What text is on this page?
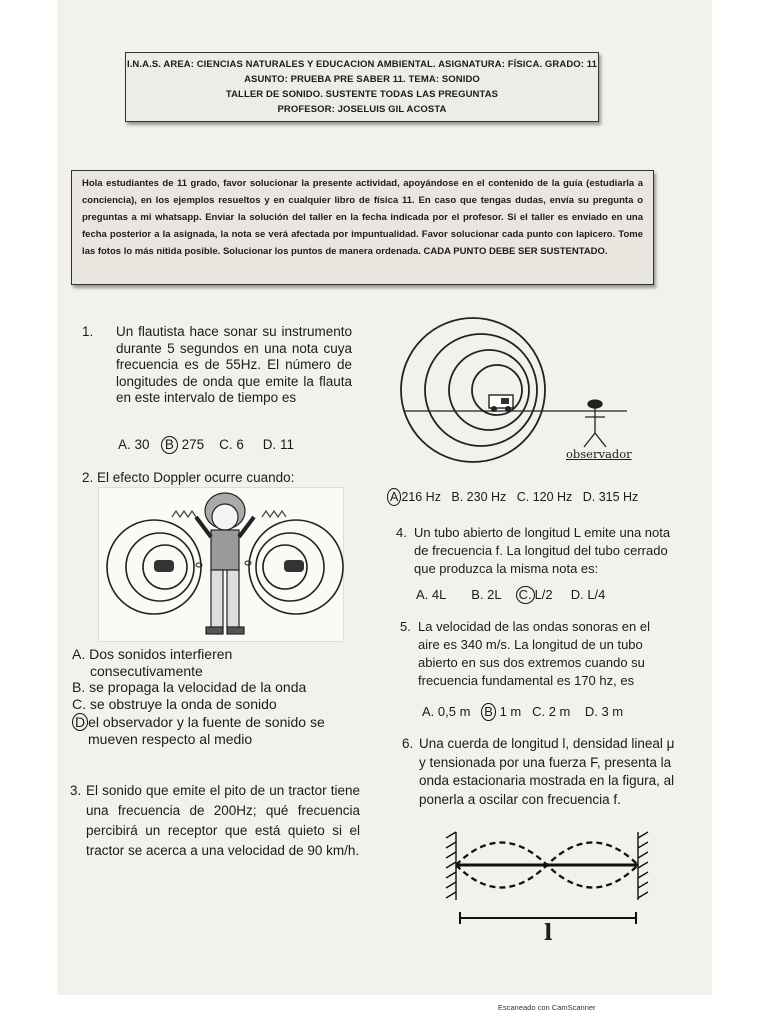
I.N.A.S. AREA: CIENCIAS NATURALES Y EDUCACION AMBIENTAL. ASIGNATURA: FÍSICA. GRADO: 11
ASUNTO: PRUEBA PRE SABER 11. TEMA: SONIDO
TALLER DE SONIDO. SUSTENTE TODAS LAS PREGUNTAS
PROFESOR: JOSELUIS GIL ACOSTA
Hola estudiantes de 11 grado, favor solucionar la presente actividad, apoyándose en el contenido de la guía (estudiarla a conciencia), en los ejemplos resueltos y en cualquier libro de física 11. En caso que tengas dudas, envía su pregunta o preguntas a mi whatsapp. Enviar la solución del taller en la fecha indicada por el profesor. Si el taller es enviado en una fecha posterior a la asignada, la nota se verá afectada por impuntualidad. Favor solucionar cada punto con lapicero. Tome las fotos lo más nitida posible. Solucionar los puntos de manera ordenada. CADA PUNTO DEBE SER SUSTENTADO.
1. Un flautista hace sonar su instrumento durante 5 segundos en una nota cuya frecuencia es de 55Hz. El número de longitudes de onda que emite la flauta en este intervalo de tiempo es
A. 30 B 275 C. 6 D. 11
observador
2. El efecto Doppler ocurre cuando:
A. Dos sonidos interfieren
consecutivamente
B. se propaga la velocidad de la onda
C. se obstruye la onda de sonido
D el observador y la fuente de sonido se
mueven respecto al medio
3. El sonido que emite el pito de un tractor tiene una frecuencia de 200Hz; qué frecuencia percibirá un receptor que está quieto si el tractor se acerca a una velocidad de 90 km/h.
A 216 Hz B. 230 Hz C. 120 Hz D. 315 Hz
4. Un tubo abierto de longitud L emite una nota de frecuencia f. La longitud del tubo cerrado que produzca la misma nota es:
A. 4L B. 2L C. L/2 D. L/4
5. La velocidad de las ondas sonoras en el
aire es 340 m/s. La longitud de un tubo
abierto en sus dos extremos cuando su
frecuencia fundamental es 170 hz, es
A. 0,5 m B 1 m C. 2 m D. 3 m
6. Una cuerda de longitud l, densidad lineal μ
y tensionada por una fuerza F, presenta la
onda estacionaria mostrada en la figura, al
ponerla a oscilar con frecuencia f.
l
Escaneado con CamScanner
